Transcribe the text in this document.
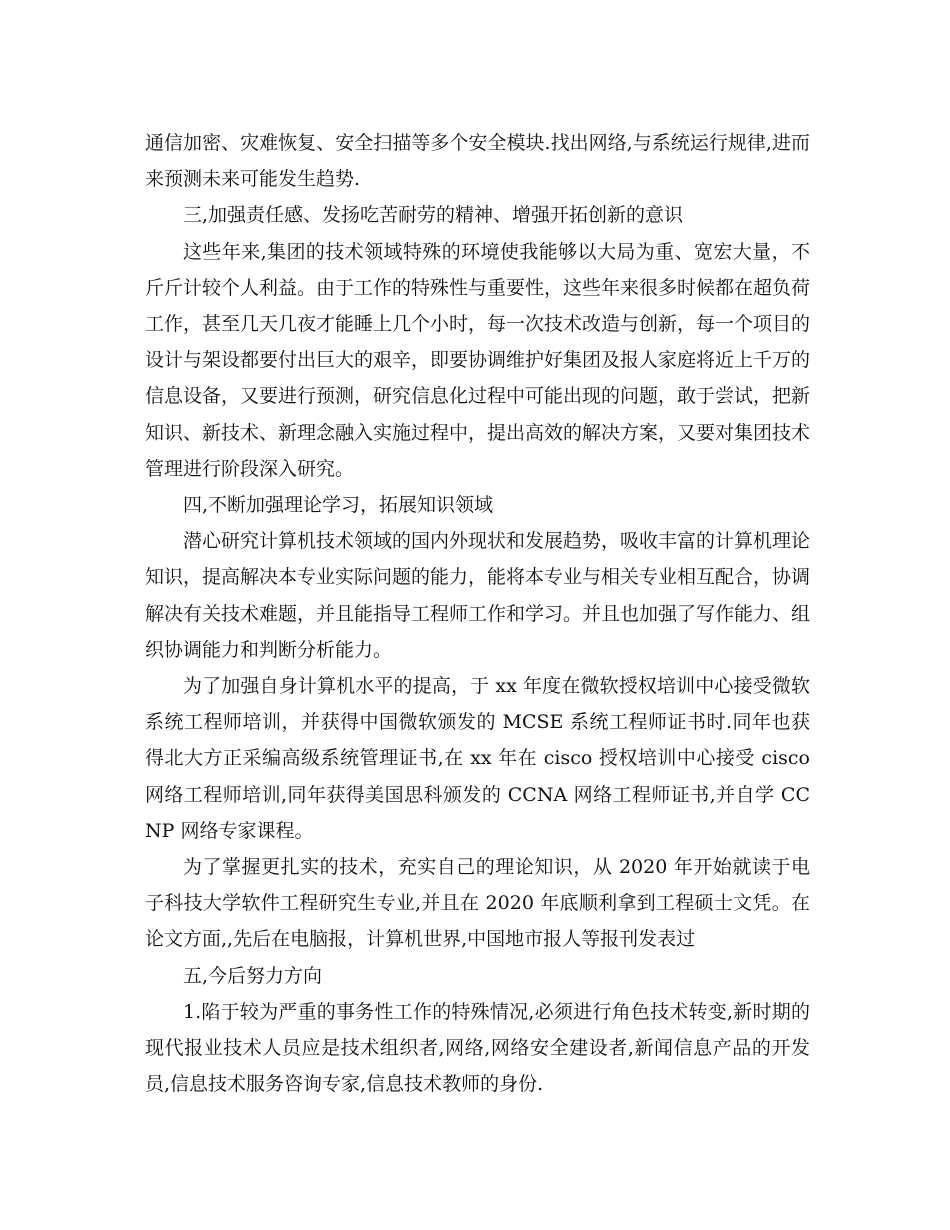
通信加密、灾难恢复、安全扫描等多个安全模块.找出网络,与系统运行规律,进而来预测未来可能发生趋势.

三,加强责任感、发扬吃苦耐劳的精神、增强开拓创新的意识

这些年来,集团的技术领域特殊的环境使我能够以大局为重、宽宏大量，不斤斤计较个人利益。由于工作的特殊性与重要性，这些年来很多时候都在超负荷工作，甚至几天几夜才能睡上几个小时，每一次技术改造与创新，每一个项目的设计与架设都要付出巨大的艰辛，即要协调维护好集团及报人家庭将近上千万的信息设备，又要进行预测，研究信息化过程中可能出现的问题，敢于尝试，把新知识、新技术、新理念融入实施过程中，提出高效的解决方案，又要对集团技术管理进行阶段深入研究。

四,不断加强理论学习，拓展知识领域

潜心研究计算机技术领域的国内外现状和发展趋势，吸收丰富的计算机理论知识，提高解决本专业实际问题的能力，能将本专业与相关专业相互配合，协调解决有关技术难题，并且能指导工程师工作和学习。并且也加强了写作能力、组织协调能力和判断分析能力。

为了加强自身计算机水平的提高，于 xx 年度在微软授权培训中心接受微软系统工程师培训，并获得中国微软颁发的 MCSE 系统工程师证书时.同年也获得北大方正采编高级系统管理证书,在 xx 年在 cisco 授权培训中心接受 cisco 网络工程师培训,同年获得美国思科颁发的 CCNA 网络工程师证书,并自学 CCNP 网络专家课程。

为了掌握更扎实的技术，充实自己的理论知识，从 2020 年开始就读于电子科技大学软件工程研究生专业,并且在 2020 年底顺利拿到工程硕士文凭。在论文方面,,先后在电脑报，计算机世界,中国地市报人等报刊发表过

五,今后努力方向

1.陷于较为严重的事务性工作的特殊情况,必须进行角色技术转变,新时期的现代报业技术人员应是技术组织者,网络,网络安全建设者,新闻信息产品的开发员,信息技术服务咨询专家,信息技术教师的身份.
